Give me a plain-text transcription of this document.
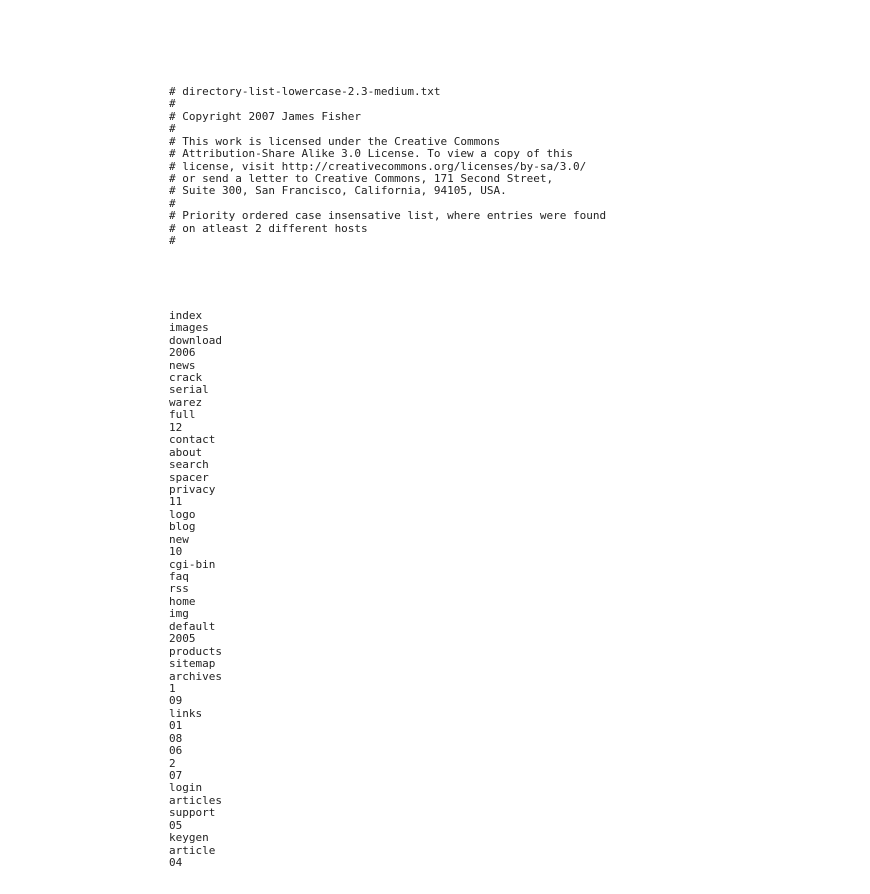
# directory-list-lowercase-2.3-medium.txt
#
# Copyright 2007 James Fisher
#
# This work is licensed under the Creative Commons
# Attribution-Share Alike 3.0 License. To view a copy of this
# license, visit http://creativecommons.org/licenses/by-sa/3.0/
# or send a letter to Creative Commons, 171 Second Street,
# Suite 300, San Francisco, California, 94105, USA.
#
# Priority ordered case insensative list, where entries were found
# on atleast 2 different hosts
#

index
images
download
2006
news
crack
serial
warez
full
12
contact
about
search
spacer
privacy
11
logo
blog
new
10
cgi-bin
faq
rss
home
img
default
2005
products
sitemap
archives
1
09
links
01
08
06
2
07
login
articles
support
05
keygen
article
04
